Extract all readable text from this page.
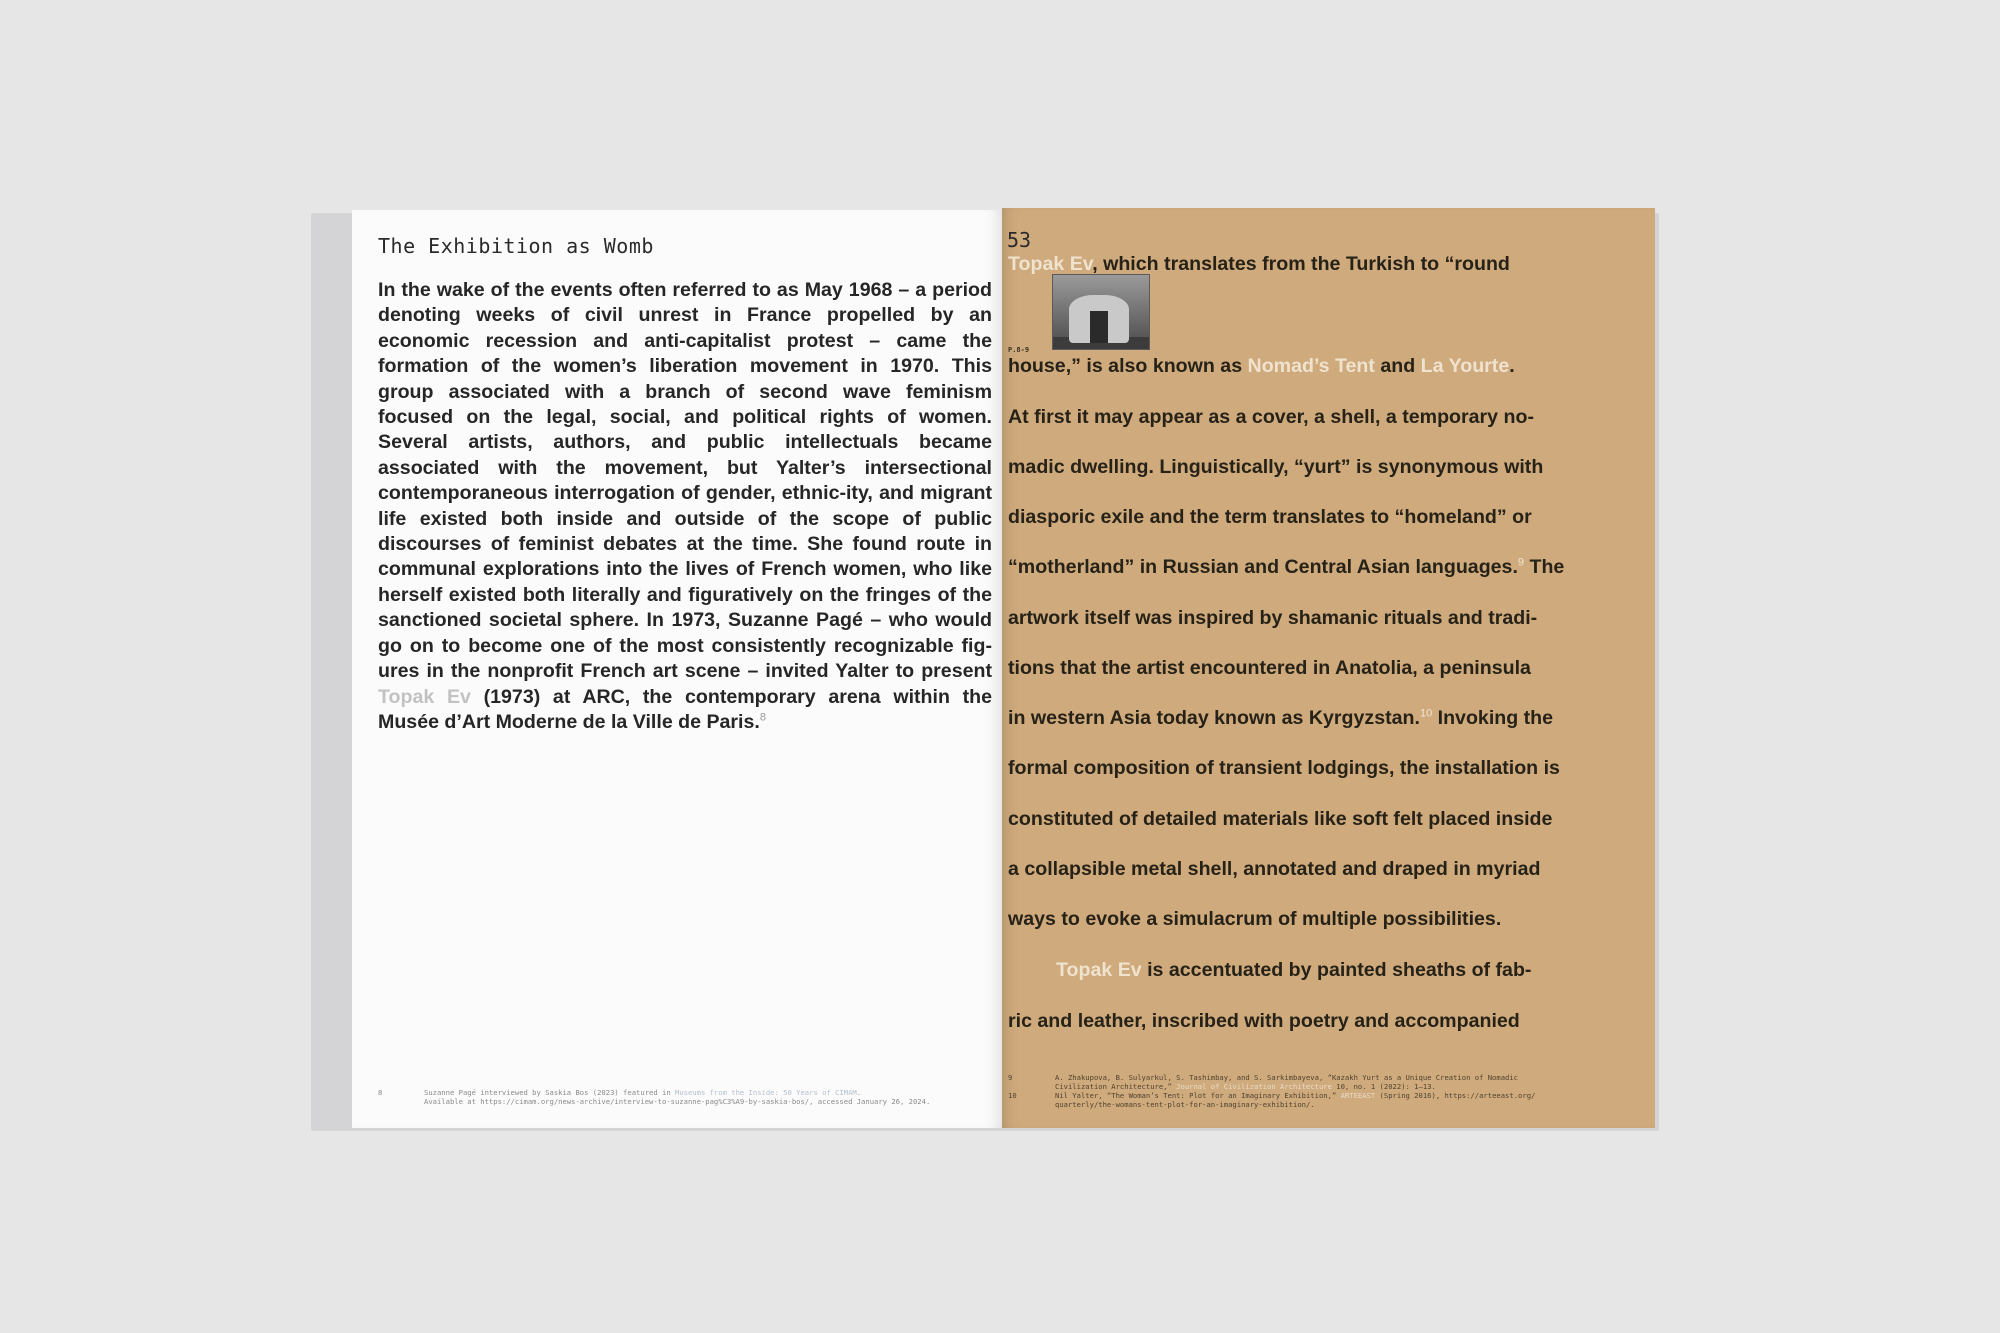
The Exhibition as Womb

In the wake of the events often referred to as May 1968 – a period denoting weeks of civil unrest in France propelled by an economic recession and anti-capitalist protest – came the formation of the women’s liberation movement in 1970. This group associated with a branch of second wave feminism focused on the legal, social, and political rights of women. Several artists, authors, and public intellectuals became associated with the movement, but Yalter’s intersectional contemporaneous interrogation of gender, ethnic-ity, and migrant life existed both inside and outside of the scope of public discourses of feminist debates at the time. She found route in communal explorations into the lives of French women, who like herself existed both literally and figuratively on the fringes of the sanctioned societal sphere. In 1973, Suzanne Pagé – who would go on to become one of the most consistently recognizable fig-ures in the nonprofit French art scene – invited Yalter to present Topak Ev (1973) at ARC, the contemporary arena within the Musée d’Art Moderne de la Ville de Paris.$^8$

8	Suzanne Pagé interviewed by Saskia Bos (2023) featured in Museums from the Inside: 50 Years of CIMAM.
Available at https://cimam.org/news-archive/interview-to-suzanne-pag%C3%A9-by-saskia-bos/, accessed January 26, 2024.

53

P.8-9

Topak Ev, which translates from the Turkish to “round

house,” is also known as Nomad’s Tent and La Yourte.

At first it may appear as a cover, a shell, a temporary no-

madic dwelling. Linguistically, “yurt” is synonymous with

diasporic exile and the term translates to “homeland” or

“motherland” in Russian and Central Asian languages.$^9$ The

artwork itself was inspired by shamanic rituals and tradi-

tions that the artist encountered in Anatolia, a peninsula

in western Asia today known as Kyrgyzstan.$^{10}$ Invoking the

formal composition of transient lodgings, the installation is

constituted of detailed materials like soft felt placed inside

a collapsible metal shell, annotated and draped in myriad

ways to evoke a simulacrum of multiple possibilities.

Topak Ev is accentuated by painted sheaths of fab-

ric and leather, inscribed with poetry and accompanied

9	A. Zhakupova, B. Sulyarkul, S. Tashimbay, and S. Sarkimbayeva, “Kazakh Yurt as a Unique Creation of Nomadic
Civilization Architecture,” Journal of Civilization Architecture 10, no. 1 (2022): 1–13.

10	Nil Yalter, “The Woman’s Tent: Plot for an Imaginary Exhibition,” ARTEEAST (Spring 2016), https://arteeast.org/
quarterly/the-womans-tent-plot-for-an-imaginary-exhibition/.
